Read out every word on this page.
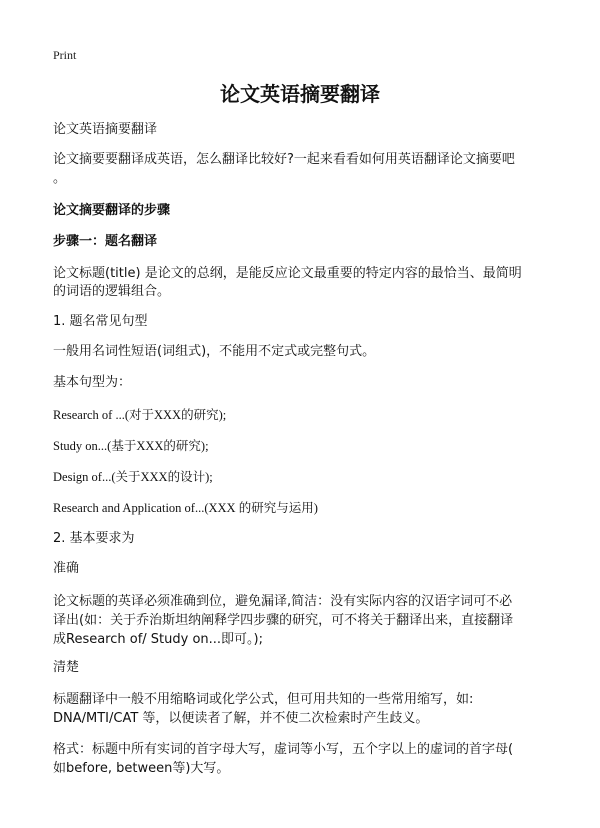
Print
论文英语摘要翻译
论文英语摘要翻译
论文摘要要翻译成英语，怎么翻译比较好?一起来看看如何用英语翻译论文摘要吧
。
论文摘要翻译的步骤
步骤一：题名翻译
论文标题(title) 是论文的总纲，是能反应论文最重要的特定内容的最恰当、最简明
的词语的逻辑组合。
1. 题名常见句型
一般用名词性短语(词组式)，不能用不定式或完整句式。
基本句型为：
Research of ...(对于XXX的研究);
Study on...(基于XXX的研究);
Design of...(关于XXX的设计);
Research and Application of...(XXX 的研究与运用)
2. 基本要求为
准确
论文标题的英译必须准确到位，避免漏译,简洁：没有实际内容的汉语字词可不必
译出(如：关于乔治斯坦纳阐释学四步骤的研究，可不将关于翻译出来，直接翻译
成Research of/ Study on...即可。);
清楚
标题翻译中一般不用缩略词或化学公式，但可用共知的一些常用缩写，如:
DNA/MTI/CAT 等，以便读者了解，并不使二次检索时产生歧义。
格式：标题中所有实词的首字母大写，虚词等小写，五个字以上的虚词的首字母(
如before, between等)大写。
